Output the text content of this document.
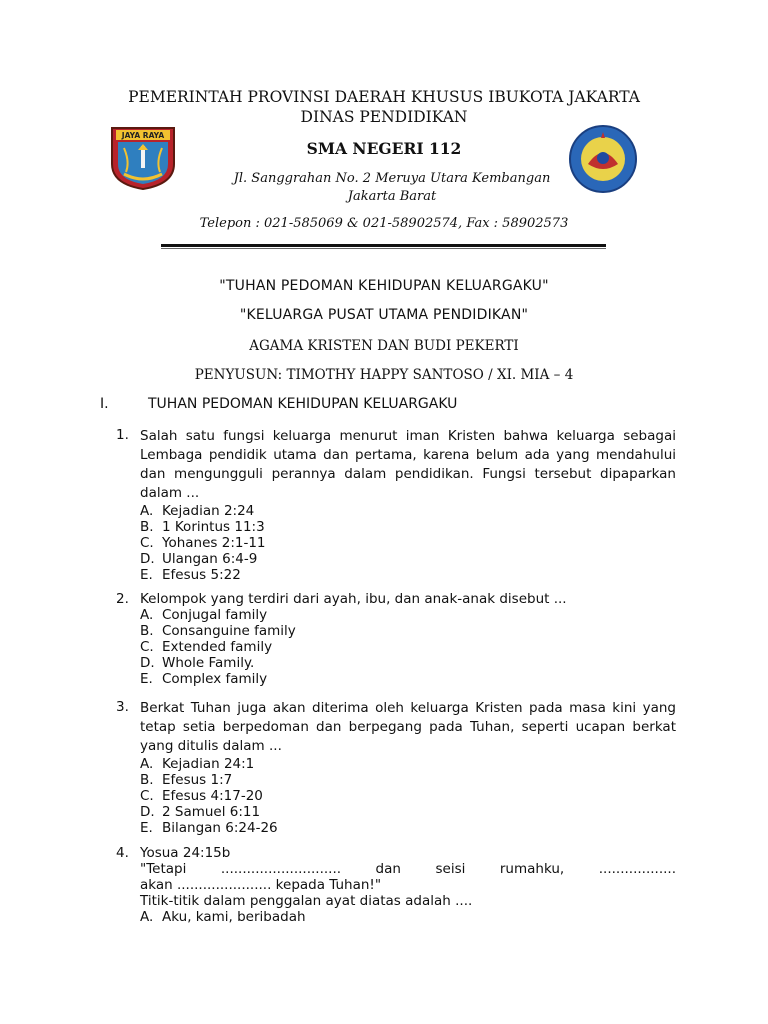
JAYA RAYA
PEMERINTAH PROVINSI DAERAH KHUSUS IBUKOTA JAKARTA
DINAS PENDIDIKAN
SMA NEGERI 112
Jl. Sanggrahan No. 2 Meruya Utara Kembangan Jakarta Barat
Telepon : 021-585069 & 021-58902574, Fax : 58902573
"TUHAN PEDOMAN KEHIDUPAN KELUARGAKU"
"KELUARGA PUSAT UTAMA PENDIDIKAN"
AGAMA KRISTEN DAN BUDI PEKERTI
PENYUSUN: TIMOTHY HAPPY SANTOSO / XI. MIA – 4
I.	TUHAN PEDOMAN KEHIDUPAN KELUARGAKU
1. Salah satu fungsi keluarga menurut iman Kristen bahwa keluarga sebagai Lembaga pendidik utama dan pertama, karena belum ada yang mendahului dan mengungguli perannya dalam pendidikan. Fungsi tersebut dipaparkan dalam ...
A. Kejadian 2:24
B. 1 Korintus 11:3
C. Yohanes 2:1-11
D. Ulangan 6:4-9
E. Efesus 5:22
2. Kelompok yang terdiri dari ayah, ibu, dan anak-anak disebut ...
A. Conjugal family
B. Consanguine family
C. Extended family
D. Whole Family.
E. Complex family
3. Berkat Tuhan juga akan diterima oleh keluarga Kristen pada masa kini yang tetap setia berpedoman dan berpegang pada Tuhan, seperti ucapan berkat yang ditulis dalam ...
A. Kejadian 24:1
B. Efesus 1:7
C. Efesus 4:17-20
D. 2 Samuel 6:11
E. Bilangan 6:24-26
4. Yosua 24:15b
"Tetapi ............................ dan seisi rumahku, ..................
akan ...................... kepada Tuhan!"
Titik-titik dalam penggalan ayat diatas adalah ....
A. Aku, kami, beribadah
